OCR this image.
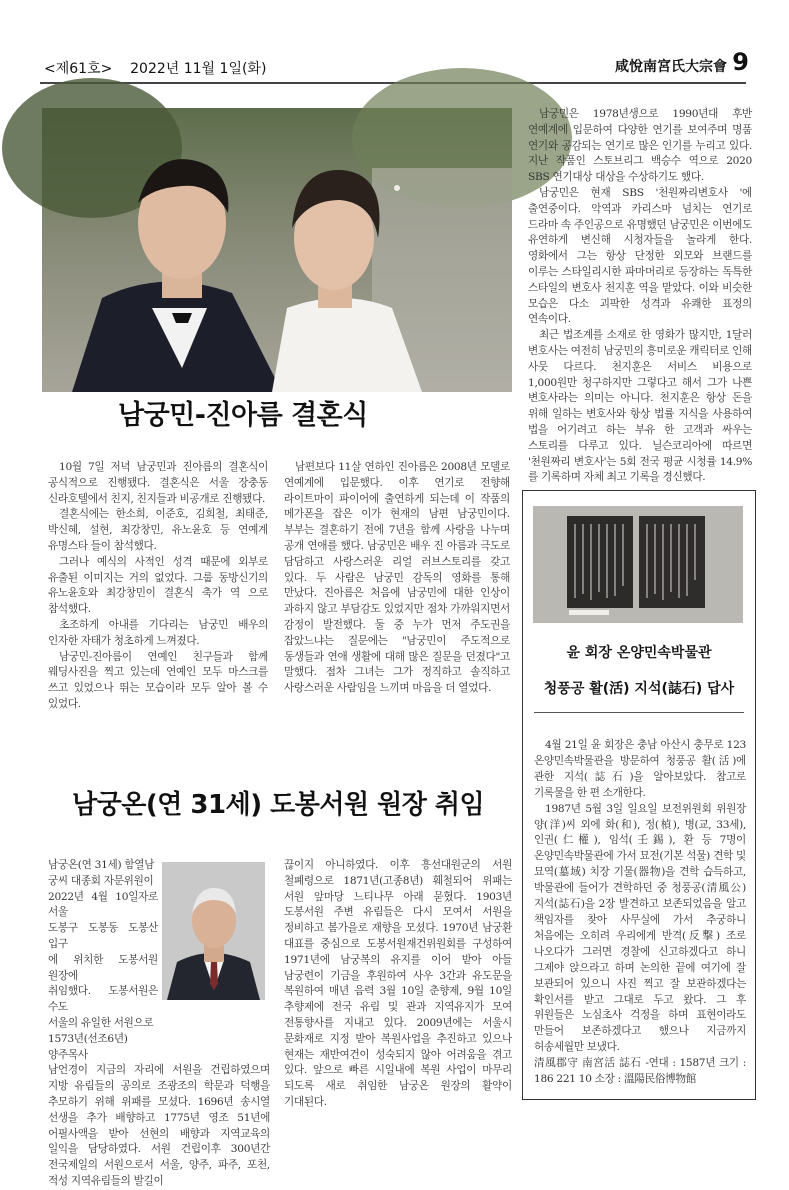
<제61호> 2022년 11월 1일(화)	咸悅南宮氏大宗會 9
남궁민-진아름 결혼식

10월 7일 저녁 남궁민과 진아름의 결혼식이 공식적으로 진행됐다. 결혼식은 서울 장충동 신라호텔에서 친지, 친지들과 비공개로 진행됐다.

결혼식에는 한소희, 이준호, 김희철, 최태준, 박신혜, 설현, 최강창민, 유노윤호 등 연예계 유명스타 들이 참석했다.

그러나 예식의 사적인 성격 때문에 외부로 유출된 이미지는 거의 없었다. 그룹 동방신기의 유노윤호와 최강창민이 결혼식 축가 역 으로 참석했다.

초조하게 아내를 기다리는 남궁민 배우의 인자한 자태가 청초하게 느껴졌다.

남궁민-진아름이 연예인 친구들과 함께 웨딩사진을 찍고 있는데 연예인 모두 마스크를 쓰고 있었으나 뛰는 모습이라 모두 알아 볼 수 있었다.

남편보다 11살 연하인 진아름은 2008년 모델로 연예계에 입문했다. 이후 연기로 전향해 라이트마이 파이어에 출연하게 되는데 이 작품의 메가폰을 잡은 이가 현재의 남편 남궁민이다. 부부는 결혼하기 전에 7년을 함께 사랑을 나누며 공개 연애를 했다. 남궁민은 배우 진 아름과 극도로 담담하고 사랑스러운 리얼 러브스토리를 갖고 있다. 두 사람은 남궁민 감독의 영화를 통해 만났다. 진아름은 처음에 남궁민에 대한 인상이 과하지 않고 부담감도 있었지만 점차 가까워지면서 감정이 발전했다. 둘 중 누가 먼저 주도권을 잡았느냐는 질문에는 "남궁민이 주도적으로 동생들과 연애 생활에 대해 많은 질문을 던졌다"고 말했다. 점차 그녀는 그가 정직하고 솔직하고 사랑스러운 사람임을 느끼며 마음을 더 열었다.

남궁민은 1978년생으로 1990년대 후반 연예계에 입문하여 다양한 연기를 보여주며 명품 연기와 공감되는 연기로 많은 인기를 누리고 있다. 지난 작품인 스토브리그 백승수 역으로 2020 SBS 연기대상 대상을 수상하기도 했다.

남궁민은 현재 SBS '천원짜리변호사 '에 출연중이다. 악역과 카리스마 넘치는 연기로 드라마 속 주인공으로 유명했던 남궁민은 이번에도 유연하게 변신해 시청자들을 놀라게 한다. 영화에서 그는 항상 단정한 외모와 브랜드를 이루는 스타일리시한 파마머리로 등장하는 독특한 스타일의 변호사 천지훈 역을 맡았다. 이와 비슷한 모습은 다소 괴팍한 성격과 유쾌한 표정의 연속이다.

최근 법조계를 소재로 한 영화가 많지만, 1달러 변호사는 여전히 남궁민의 흥미로운 캐릭터로 인해 사뭇 다르다. 천지훈은 서비스 비용으로 1,000원만 청구하지만 그렇다고 해서 그가 나쁜 변호사라는 의미는 아니다. 천지훈은 항상 돈을 위해 일하는 변호사와 항상 법률 지식을 사용하여 법을 어기려고 하는 부유 한 고객과 싸우는 스토리를 다루고 있다. 닐슨코리아에 따르면 '천원짜리 변호사'는 5회 전국 평균 시청률 14.9%를 기록하며 자체 최고 기록을 경신했다.

윤 회장 온양민속박물관
청풍공 활(活) 지석(誌石) 답사

4월 21일 윤 회장은 충남 아산시 충무로 123 온양민속박물관을 방문하여 청풍공 활(活)에 관한 지석(誌石)을 알아보았다. 참고로 기록물을 한 편 소개한다.

1987년 5월 3일 일요일 보전위원회 위원장 양(洋)씨 외에 화(和), 정(楨), 병(교, 33세), 인권(仁權), 임석(壬錫), 환 등 7명이 온양민속박물관에 가서 묘전(기본 석물) 견학 및 묘역(墓域) 치장 기물(器物)을 견학 습득하고, 박물관에 들어가 견학하던 중 청풍공(清風公) 지석(誌石)을 2장 발견하고 보존되었음을 알고 책임자를 찾아 사무실에 가서 추궁하니 처음에는 오히려 우리에게 반격(反擊) 조로 나오다가 그러면 경찰에 신고하겠다고 하니 그제야 앉으라고 하며 논의한 끝에 여기에 잘 보관되어 있으니 사진 찍고 잘 보관하겠다는 확인서를 받고 그대로 두고 왔다. 그 후 위원들은 노심초사 걱정을 하며 표현이라도 만들어 보존하겠다고 했으나 지금까지 허송세월만 보냈다.

清風郡守 南宮活 誌石 -연대 : 1587년 크기 : 186 221 10 소장 : 溫陽民俗博物館

남궁온(연 31세) 도봉서원 원장 취임
남궁온(연 31세) 함열남
궁씨 대종회 자문위원이
2022년 4월 10일자로 서울
도봉구 도봉동 도봉산 입구
에 위치한 도봉서원 원장에
취임했다. 도봉서원은 수도
서울의 유일한 서원으로
1573년(선조6년) 양주목사
남언경이 지금의 자리에 서원을 건립하였으며 지방 유림들의 공의로 조광조의 학문과 덕행을 추모하기 위해 위패를 모셨다. 1696년 송시열 선생을 추가 배향하고 1775년 영조 51년에 어필사액을 받아 선현의 배향과 지역교육의 일익을 담당하였다. 서원 건립이후 300년간 전국제일의 서원으로서 서울, 양주, 파주, 포천, 적성 지역유림들의 발길이
끊이지 아니하였다. 이후 흥선대원군의 서원 철폐령으로 1871년(고종8년) 훼철되어 위패는 서원 앞마당 느티나무 아래 묻혔다. 1903년 도봉서원 주변 유림들은 다시 모여서 서원을 정비하고 봄가을로 재향을 모셨다. 1970년 남궁환 대표를 중심으로 도봉서원재건위원회를 구성하여 1971년에 남궁복의 유지를 이어 받아 아들 남궁련이 기금을 후원하여 사우 3간과 유도문을 복원하여 매년 음력 3월 10일 춘향제, 9월 10일 추향제에 전국 유림 및 관과 지역유지가 모여 전통향사를 지내고 있다. 2009년에는 서울시 문화재로 지정 받아 복원사업을 추진하고 있으나 현재는 재반여건이 성숙되지 않아 어려움을 겪고 있다. 앞으로 빠른 시일내에 복원 사업이 마무리 되도록 새로 취임한 남궁온 원장의 활약이 기대된다.
